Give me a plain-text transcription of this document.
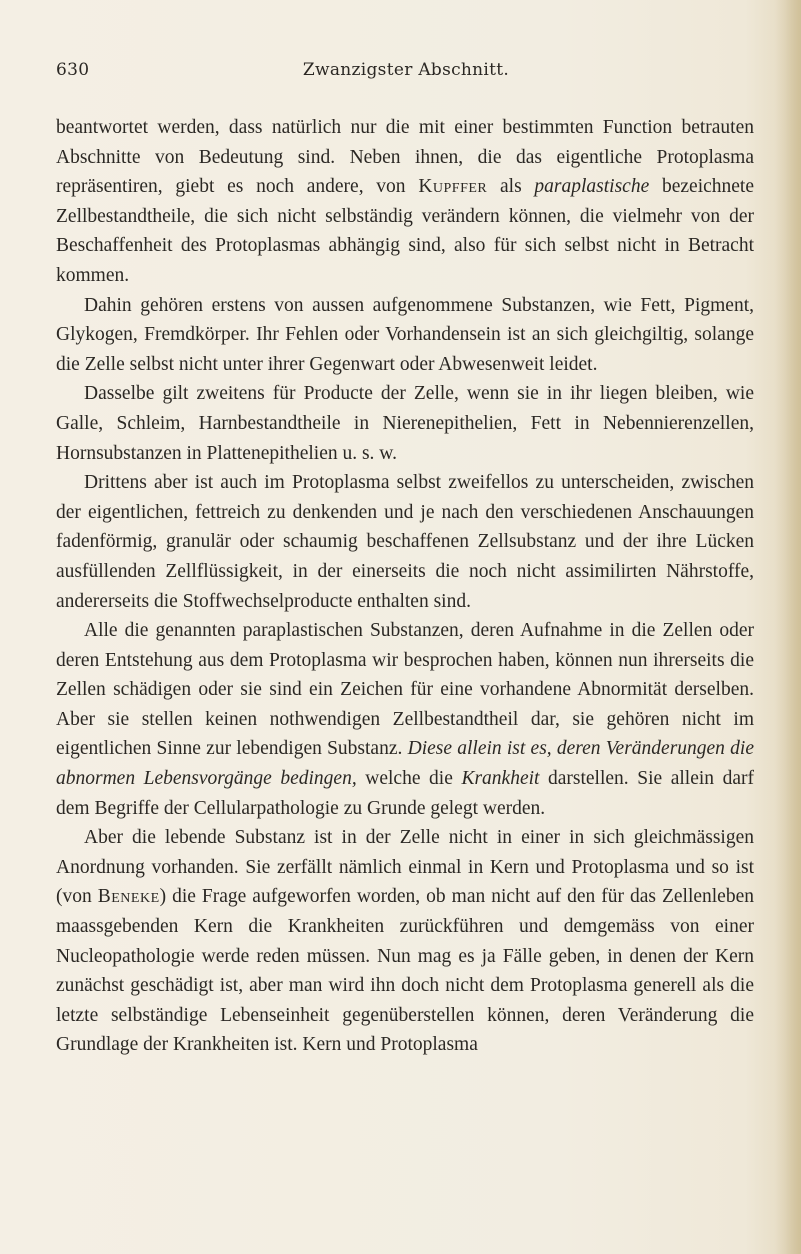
630	Zwanzigster Abschnitt.

beantwortet werden, dass natürlich nur die mit einer bestimmten Function betrauten Abschnitte von Bedeutung sind. Neben ihnen, die das eigentliche Protoplasma repräsentiren, giebt es noch andere, von Kupffer als paraplastische bezeichnete Zellbestandtheile, die sich nicht selbständig verändern können, die vielmehr von der Beschaffenheit des Protoplasmas abhängig sind, also für sich selbst nicht in Betracht kommen.

Dahin gehören erstens von aussen aufgenommene Substanzen, wie Fett, Pigment, Glykogen, Fremdkörper. Ihr Fehlen oder Vorhandensein ist an sich gleichgiltig, solange die Zelle selbst nicht unter ihrer Gegenwart oder Abwesenweit leidet.

Dasselbe gilt zweitens für Producte der Zelle, wenn sie in ihr liegen bleiben, wie Galle, Schleim, Harnbestandtheile in Nierenepithelien, Fett in Nebennierenzellen, Hornsubstanzen in Plattenepithelien u. s. w.

Drittens aber ist auch im Protoplasma selbst zweifellos zu unterscheiden, zwischen der eigentlichen, fettreich zu denkenden und je nach den verschiedenen Anschauungen fadenförmig, granulär oder schaumig beschaffenen Zellsubstanz und der ihre Lücken ausfüllenden Zellflüssigkeit, in der einerseits die noch nicht assimilirten Nährstoffe, andererseits die Stoffwechselproducte enthalten sind.

Alle die genannten paraplastischen Substanzen, deren Aufnahme in die Zellen oder deren Entstehung aus dem Protoplasma wir besprochen haben, können nun ihrerseits die Zellen schädigen oder sie sind ein Zeichen für eine vorhandene Abnormität derselben. Aber sie stellen keinen nothwendigen Zellbestandtheil dar, sie gehören nicht im eigentlichen Sinne zur lebendigen Substanz. Diese allein ist es, deren Veränderungen die abnormen Lebensvorgänge bedingen, welche die Krankheit darstellen. Sie allein darf dem Begriffe der Cellularpathologie zu Grunde gelegt werden.

Aber die lebende Substanz ist in der Zelle nicht in einer in sich gleichmässigen Anordnung vorhanden. Sie zerfällt nämlich einmal in Kern und Protoplasma und so ist (von Beneke) die Frage aufgeworfen worden, ob man nicht auf den für das Zellenleben maassgebenden Kern die Krankheiten zurückführen und demgemäss von einer Nucleopathologie werde reden müssen. Nun mag es ja Fälle geben, in denen der Kern zunächst geschädigt ist, aber man wird ihn doch nicht dem Protoplasma generell als die letzte selbständige Lebenseinheit gegenüberstellen können, deren Veränderung die Grundlage der Krankheiten ist. Kern und Protoplasma
